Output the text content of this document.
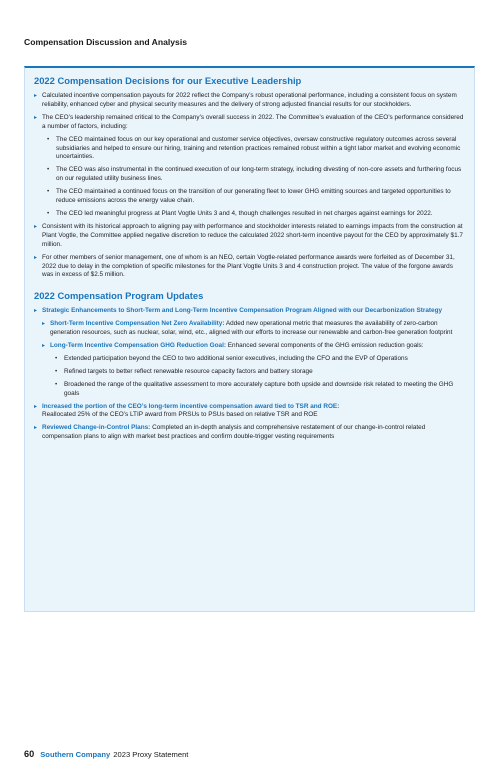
Compensation Discussion and Analysis
2022 Compensation Decisions for our Executive Leadership
▸ Calculated incentive compensation payouts for 2022 reflect the Company’s robust operational performance, including a consistent focus on system reliability, enhanced cyber and physical security measures and the delivery of strong adjusted financial results for our stockholders.
▸ The CEO’s leadership remained critical to the Company’s overall success in 2022. The Committee’s evaluation of the CEO’s performance considered a number of factors, including:
• The CEO maintained focus on our key operational and customer service objectives, oversaw constructive regulatory outcomes across several subsidiaries and helped to ensure our hiring, training and retention practices remained robust within a tight labor market and evolving economic uncertainties.
• The CEO was also instrumental in the continued execution of our long-term strategy, including divesting of non-core assets and furthering focus on our regulated utility business lines.
• The CEO maintained a continued focus on the transition of our generating fleet to lower GHG emitting sources and targeted opportunities to reduce emissions across the energy value chain.
• The CEO led meaningful progress at Plant Vogtle Units 3 and 4, though challenges resulted in net charges against earnings for 2022.
▸ Consistent with its historical approach to aligning pay with performance and stockholder interests related to earnings impacts from the construction at Plant Vogtle, the Committee applied negative discretion to reduce the calculated 2022 short-term incentive payout for the CEO by approximately $1.7 million.
▸ For other members of senior management, one of whom is an NEO, certain Vogtle-related performance awards were forfeited as of December 31, 2022 due to delay in the completion of specific milestones for the Plant Vogtle Units 3 and 4 construction project. The value of the forgone awards was in excess of $2.5 million.
2022 Compensation Program Updates
▸ Strategic Enhancements to Short-Term and Long-Term Incentive Compensation Program Aligned with our Decarbonization Strategy
▸ Short-Term Incentive Compensation Net Zero Availability: Added new operational metric that measures the availability of zero-carbon generation resources, such as nuclear, solar, wind, etc., aligned with our efforts to increase our renewable and carbon-free generation footprint
▸ Long-Term Incentive Compensation GHG Reduction Goal: Enhanced several components of the GHG emission reduction goals:
• Extended participation beyond the CEO to two additional senior executives, including the CFO and the EVP of Operations
• Refined targets to better reflect renewable resource capacity factors and battery storage
• Broadened the range of the qualitative assessment to more accurately capture both upside and downside risk related to meeting the GHG goals
▸ Increased the portion of the CEO’s long-term incentive compensation award tied to TSR and ROE:
Reallocated 25% of the CEO’s LTIP award from PRSUs to PSUs based on relative TSR and ROE
▸ Reviewed Change-in-Control Plans: Completed an in-depth analysis and comprehensive restatement of our change-in-control related compensation plans to align with market best practices and confirm double-trigger vesting requirements
60 Southern Company 2023 Proxy Statement
